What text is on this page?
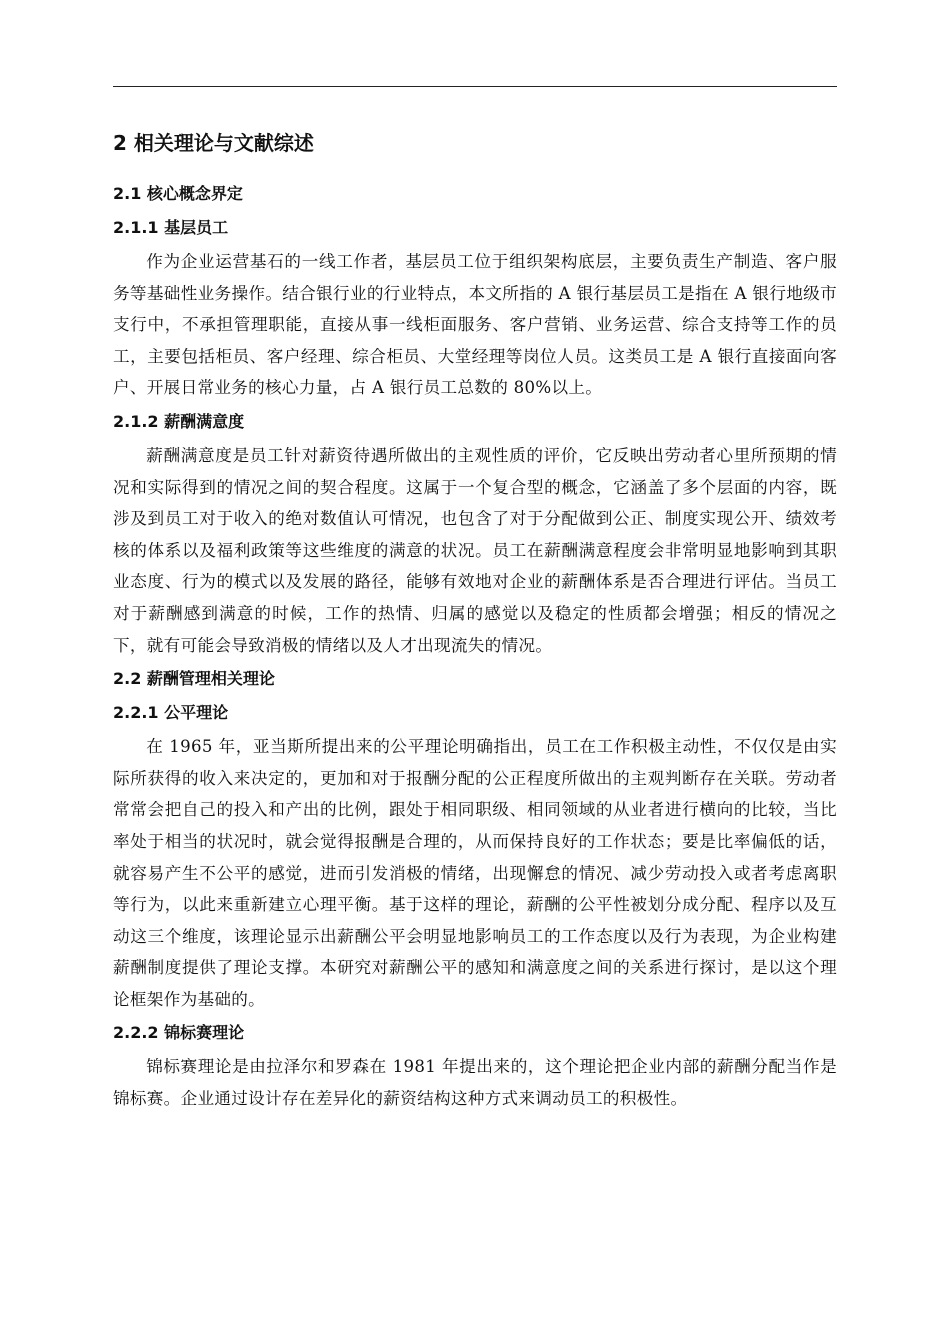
2 相关理论与文献综述
2.1 核心概念界定
2.1.1 基层员工

作为企业运营基石的一线工作者，基层员工位于组织架构底层，主要负责生产制造、客户服务等基础性业务操作。结合银行业的行业特点，本文所指的 A 银行基层员工是指在 A 银行地级市支行中，不承担管理职能，直接从事一线柜面服务、客户营销、业务运营、综合支持等工作的员工，主要包括柜员、客户经理、综合柜员、大堂经理等岗位人员。这类员工是 A 银行直接面向客户、开展日常业务的核心力量，占 A 银行员工总数的 80%以上。

2.1.2 薪酬满意度

薪酬满意度是员工针对薪资待遇所做出的主观性质的评价，它反映出劳动者心里所预期的情况和实际得到的情况之间的契合程度。这属于一个复合型的概念，它涵盖了多个层面的内容，既涉及到员工对于收入的绝对数值认可情况，也包含了对于分配做到公正、制度实现公开、绩效考核的体系以及福利政策等这些维度的满意的状况。员工在薪酬满意程度会非常明显地影响到其职业态度、行为的模式以及发展的路径，能够有效地对企业的薪酬体系是否合理进行评估。当员工对于薪酬感到满意的时候，工作的热情、归属的感觉以及稳定的性质都会增强；相反的情况之下，就有可能会导致消极的情绪以及人才出现流失的情况。

2.2 薪酬管理相关理论
2.2.1 公平理论

在 1965 年，亚当斯所提出来的公平理论明确指出，员工在工作积极主动性，不仅仅是由实际所获得的收入来决定的，更加和对于报酬分配的公正程度所做出的主观判断存在关联。劳动者常常会把自己的投入和产出的比例，跟处于相同职级、相同领域的从业者进行横向的比较，当比率处于相当的状况时，就会觉得报酬是合理的，从而保持良好的工作状态；要是比率偏低的话，就容易产生不公平的感觉，进而引发消极的情绪，出现懈怠的情况、减少劳动投入或者考虑离职等行为，以此来重新建立心理平衡。基于这样的理论，薪酬的公平性被划分成分配、程序以及互动这三个维度，该理论显示出薪酬公平会明显地影响员工的工作态度以及行为表现，为企业构建薪酬制度提供了理论支撑。本研究对薪酬公平的感知和满意度之间的关系进行探讨，是以这个理论框架作为基础的。

2.2.2 锦标赛理论

锦标赛理论是由拉泽尔和罗森在 1981 年提出来的，这个理论把企业内部的薪酬分配当作是锦标赛。企业通过设计存在差异化的薪资结构这种方式来调动员工的积极性。
